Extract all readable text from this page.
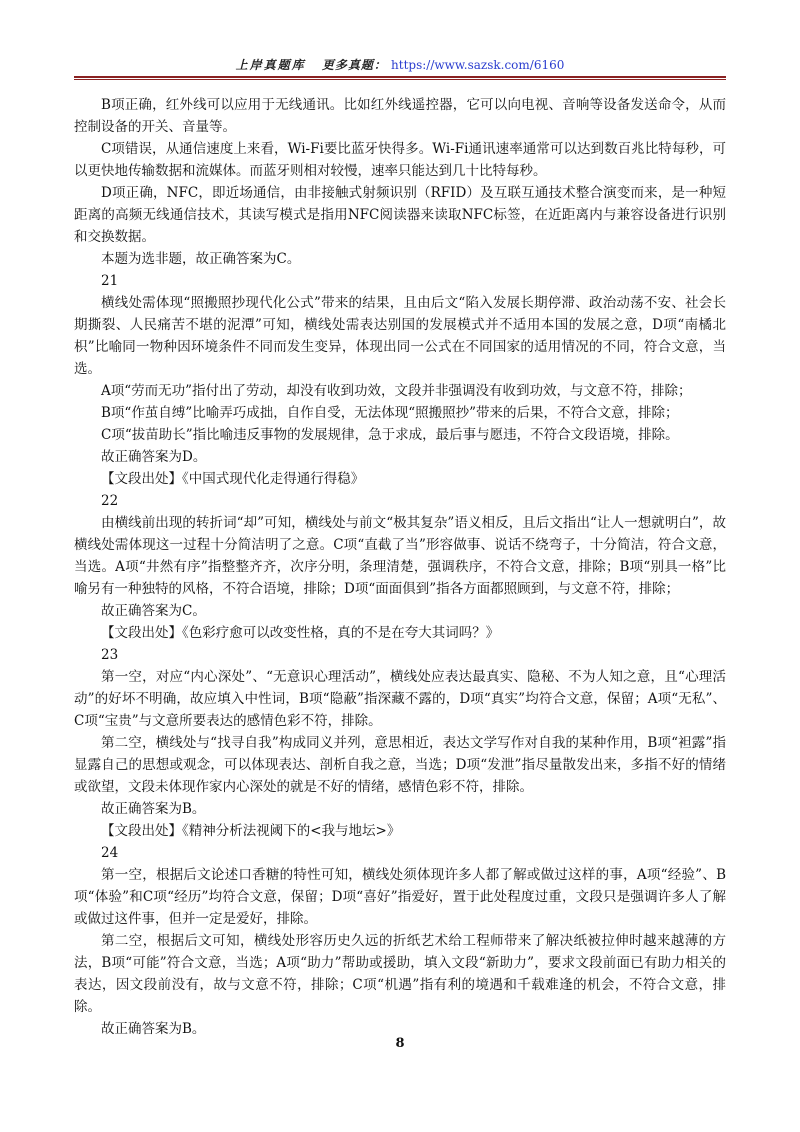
上岸真题库 更多真题： https://www.sazsk.com/6160

B项正确，红外线可以应用于无线通讯。比如红外线遥控器，它可以向电视、音响等设备发送命令，从而控制设备的开关、音量等。

C项错误，从通信速度上来看，Wi-Fi要比蓝牙快得多。Wi-Fi通讯速率通常可以达到数百兆比特每秒，可以更快地传输数据和流媒体。而蓝牙则相对较慢，速率只能达到几十比特每秒。

D项正确，NFC，即近场通信，由非接触式射频识别（RFID）及互联互通技术整合演变而来，是一种短距离的高频无线通信技术，其读写模式是指用NFC阅读器来读取NFC标签，在近距离内与兼容设备进行识别和交换数据。

本题为选非题，故正确答案为C。

21

横线处需体现“照搬照抄现代化公式”带来的结果，且由后文“陷入发展长期停滞、政治动荡不安、社会长期撕裂、人民痛苦不堪的泥潭”可知，横线处需表达别国的发展模式并不适用本国的发展之意，D项“南橘北枳”比喻同一物种因环境条件不同而发生变异，体现出同一公式在不同国家的适用情况的不同，符合文意，当选。

A项“劳而无功”指付出了劳动，却没有收到功效，文段并非强调没有收到功效，与文意不符，排除；

B项“作茧自缚”比喻弄巧成拙，自作自受，无法体现“照搬照抄”带来的后果，不符合文意，排除；

C项“拔苗助长”指比喻违反事物的发展规律，急于求成，最后事与愿违，不符合文段语境，排除。

故正确答案为D。

【文段出处】《中国式现代化走得通行得稳》

22

由横线前出现的转折词“却”可知，横线处与前文“极其复杂”语义相反，且后文指出“让人一想就明白”，故横线处需体现这一过程十分简洁明了之意。C项“直截了当”形容做事、说话不绕弯子，十分简洁，符合文意，当选。A项“井然有序”指整整齐齐，次序分明，条理清楚，强调秩序，不符合文意，排除；B项“别具一格”比喻另有一种独特的风格，不符合语境，排除；D项“面面俱到”指各方面都照顾到，与文意不符，排除；

故正确答案为C。

【文段出处】《色彩疗愈可以改变性格，真的不是在夸大其词吗？》

23

第一空，对应“内心深处”、“无意识心理活动”，横线处应表达最真实、隐秘、不为人知之意，且“心理活动”的好坏不明确，故应填入中性词，B项“隐蔽”指深藏不露的，D项“真实”均符合文意，保留；A项“无私”、C项“宝贵”与文意所要表达的感情色彩不符，排除。

第二空，横线处与“找寻自我”构成同义并列，意思相近，表达文学写作对自我的某种作用，B项“袒露”指显露自己的思想或观念，可以体现表达、剖析自我之意，当选；D项“发泄”指尽量散发出来，多指不好的情绪或欲望，文段未体现作家内心深处的就是不好的情绪，感情色彩不符，排除。

故正确答案为B。

【文段出处】《精神分析法视阈下的<我与地坛>》

24

第一空，根据后文论述口香糖的特性可知，横线处须体现许多人都了解或做过这样的事，A项“经验”、B项“体验”和C项“经历”均符合文意，保留；D项“喜好”指爱好，置于此处程度过重，文段只是强调许多人了解或做过这件事，但并一定是爱好，排除。

第二空，根据后文可知，横线处形容历史久远的折纸艺术给工程师带来了解决纸被拉伸时越来越薄的方法，B项“可能”符合文意，当选；A项“助力”帮助或援助，填入文段“新助力”，要求文段前面已有助力相关的表达，因文段前没有，故与文意不符，排除；C项“机遇”指有利的境遇和千载难逢的机会，不符合文意，排除。

故正确答案为B。

8
